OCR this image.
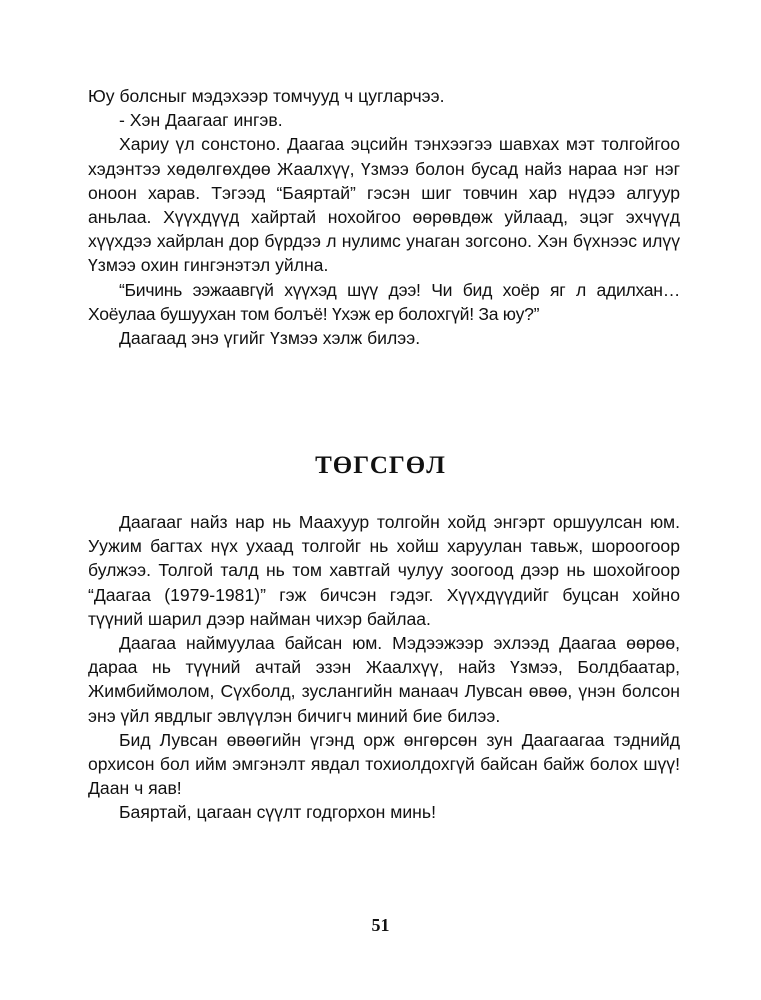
Юу болсныг мэдэхээр томчууд ч цугларчээ.

- Хэн Даагааг ингэв.

Хариу үл сонстоно. Даагаа эцсийн тэнхээгээ шавхах мэт толгойгоо хэдэнтээ хөдөлгөхдөө Жаалхүү, Үзмээ болон бусад найз нараа нэг нэг оноон харав. Тэгээд “Баяртай” гэсэн шиг товчин хар нүдээ алгуур аньлаа. Хүүхдүүд хайртай нохойгоо өөрөвдөж уйлаад, эцэг эхчүүд хүүхдээ хайрлан дор бүрдээ л нулимс унаган зогсоно. Хэн бүхнээс илүү Үзмээ охин гингэнэтэл уйлна.

“Бичинь ээжаавгүй хүүхэд шүү дээ! Чи бид хоёр яг л адилхан… Хоёулаа бушуухан том болъё! Үхэж ер болохгүй! За юу?”

Даагаад энэ үгийг Үзмээ хэлж билээ.

ТӨГСГӨЛ

Даагааг найз нар нь Маахуур толгойн хойд энгэрт оршуулсан юм. Уужим багтах нүх ухаад толгойг нь хойш харуулан тавьж, шороогоор булжээ. Толгой талд нь том хавтгай чулуу зоогоод дээр нь шохойгоор “Даагаа (1979-1981)” гэж бичсэн гэдэг. Хүүхдүүдийг буцсан хойно түүний шарил дээр найман чихэр байлаа.

Даагаа наймуулаа байсан юм. Мэдээжээр эхлээд Даагаа өөрөө, дараа нь түүний ачтай эзэн Жаалхүү, найз Үзмээ, Болдбаатар, Жимбиймолом, Сүхболд, зуслангийн манаач Лувсан өвөө, үнэн болсон энэ үйл явдлыг эвлүүлэн бичигч миний бие билээ.

Бид Лувсан өвөөгийн үгэнд орж өнгөрсөн зун Даагаагаа тэднийд орхисон бол ийм эмгэнэлт явдал тохиолдохгүй байсан байж болох шүү! Даан ч яав!

Баяртай, цагаан сүүлт годгорхон минь!

51
